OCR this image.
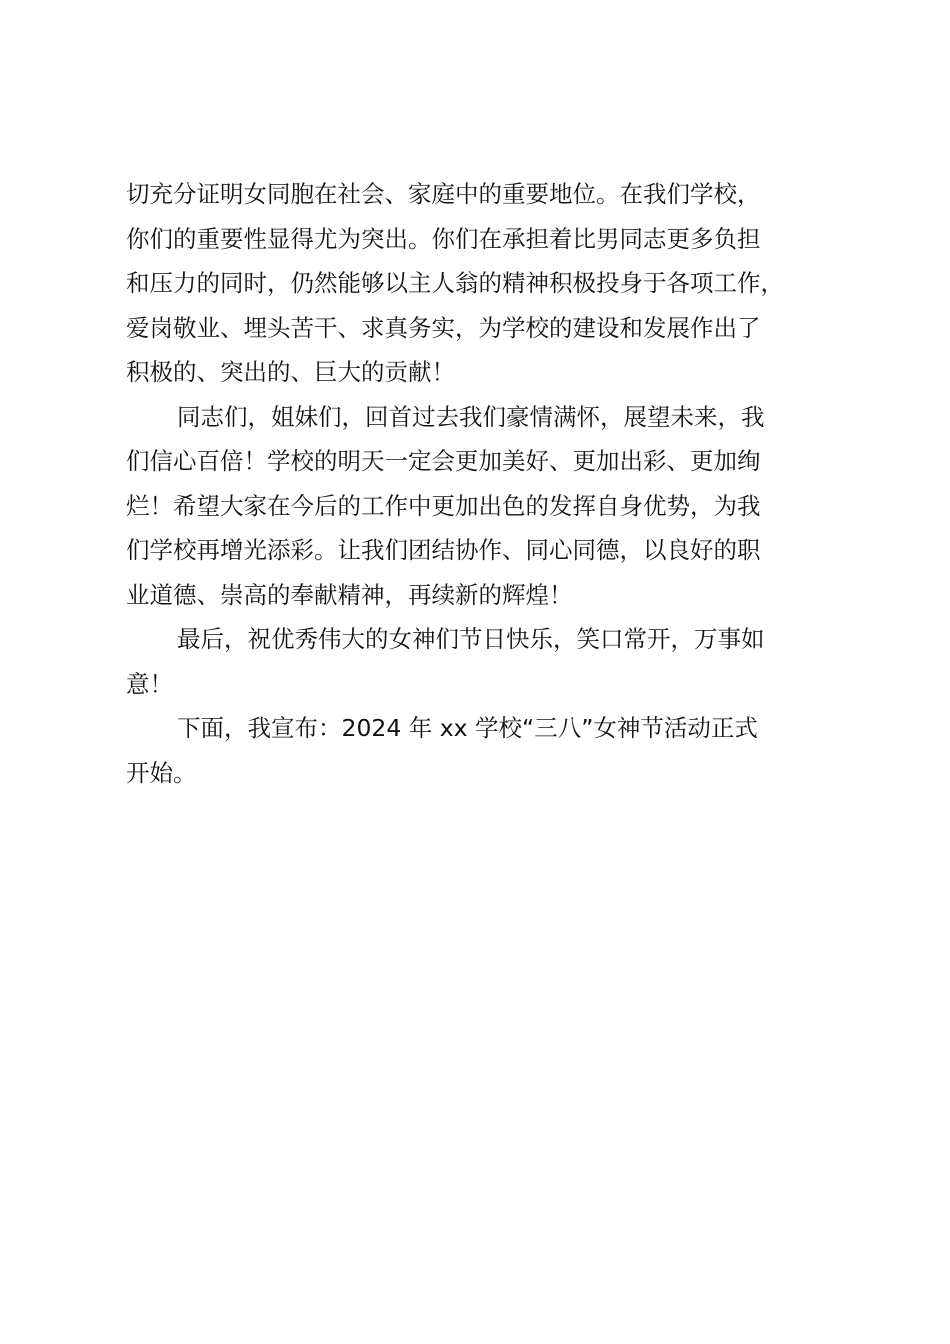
切充分证明女同胞在社会、家庭中的重要地位。在我们学校，
你们的重要性显得尤为突出。你们在承担着比男同志更多负担
和压力的同时，仍然能够以主人翁的精神积极投身于各项工作，
爱岗敬业、埋头苦干、求真务实，为学校的建设和发展作出了
积极的、突出的、巨大的贡献！
同志们，姐妹们，回首过去我们豪情满怀，展望未来，我
们信心百倍！学校的明天一定会更加美好、更加出彩、更加绚
烂！希望大家在今后的工作中更加出色的发挥自身优势，为我
们学校再增光添彩。让我们团结协作、同心同德，以良好的职
业道德、崇高的奉献精神，再续新的辉煌！
最后，祝优秀伟大的女神们节日快乐，笑口常开，万事如
意！
下面，我宣布：2024 年 xx 学校“三八”女神节活动正式
开始。
